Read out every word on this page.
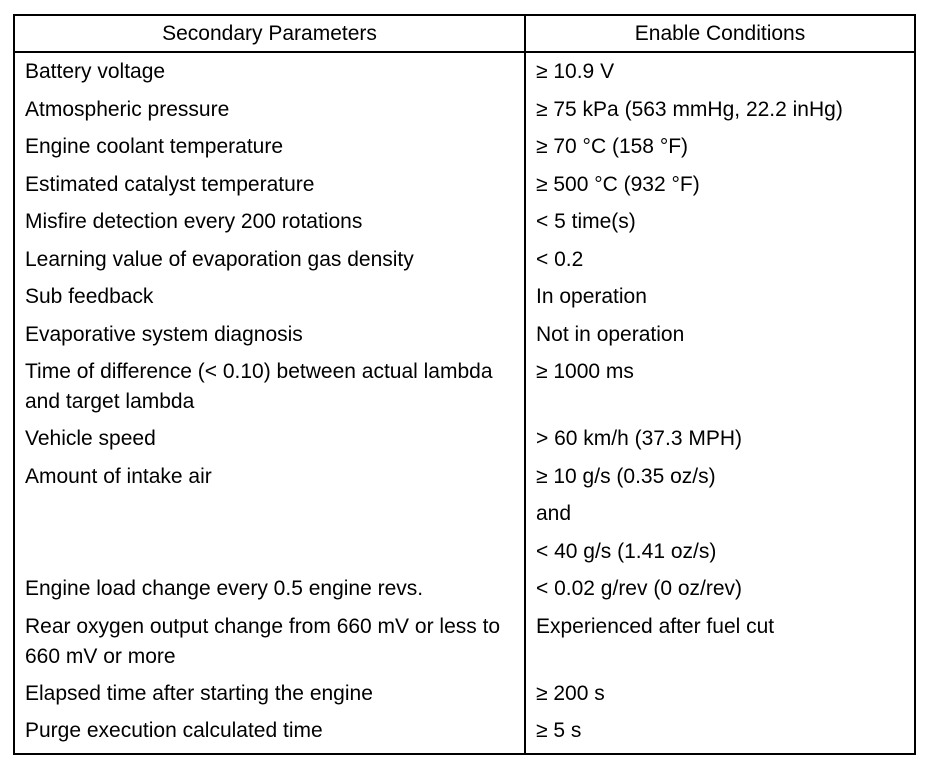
Secondary Parameters	Enable Conditions
Battery voltage	≥ 10.9 V
Atmospheric pressure	≥ 75 kPa (563 mmHg, 22.2 inHg)
Engine coolant temperature	≥ 70 °C (158 °F)
Estimated catalyst temperature	≥ 500 °C (932 °F)
Misfire detection every 200 rotations	< 5 time(s)
Learning value of evaporation gas density	< 0.2
Sub feedback	In operation
Evaporative system diagnosis	Not in operation
Time of difference (< 0.10) between actual lambda and target lambda	≥ 1000 ms
Vehicle speed	> 60 km/h (37.3 MPH)
Amount of intake air	≥ 10 g/s (0.35 oz/s)
	and
	< 40 g/s (1.41 oz/s)
Engine load change every 0.5 engine revs.	< 0.02 g/rev (0 oz/rev)
Rear oxygen output change from 660 mV or less to 660 mV or more	Experienced after fuel cut
Elapsed time after starting the engine	≥ 200 s
Purge execution calculated time	≥ 5 s
